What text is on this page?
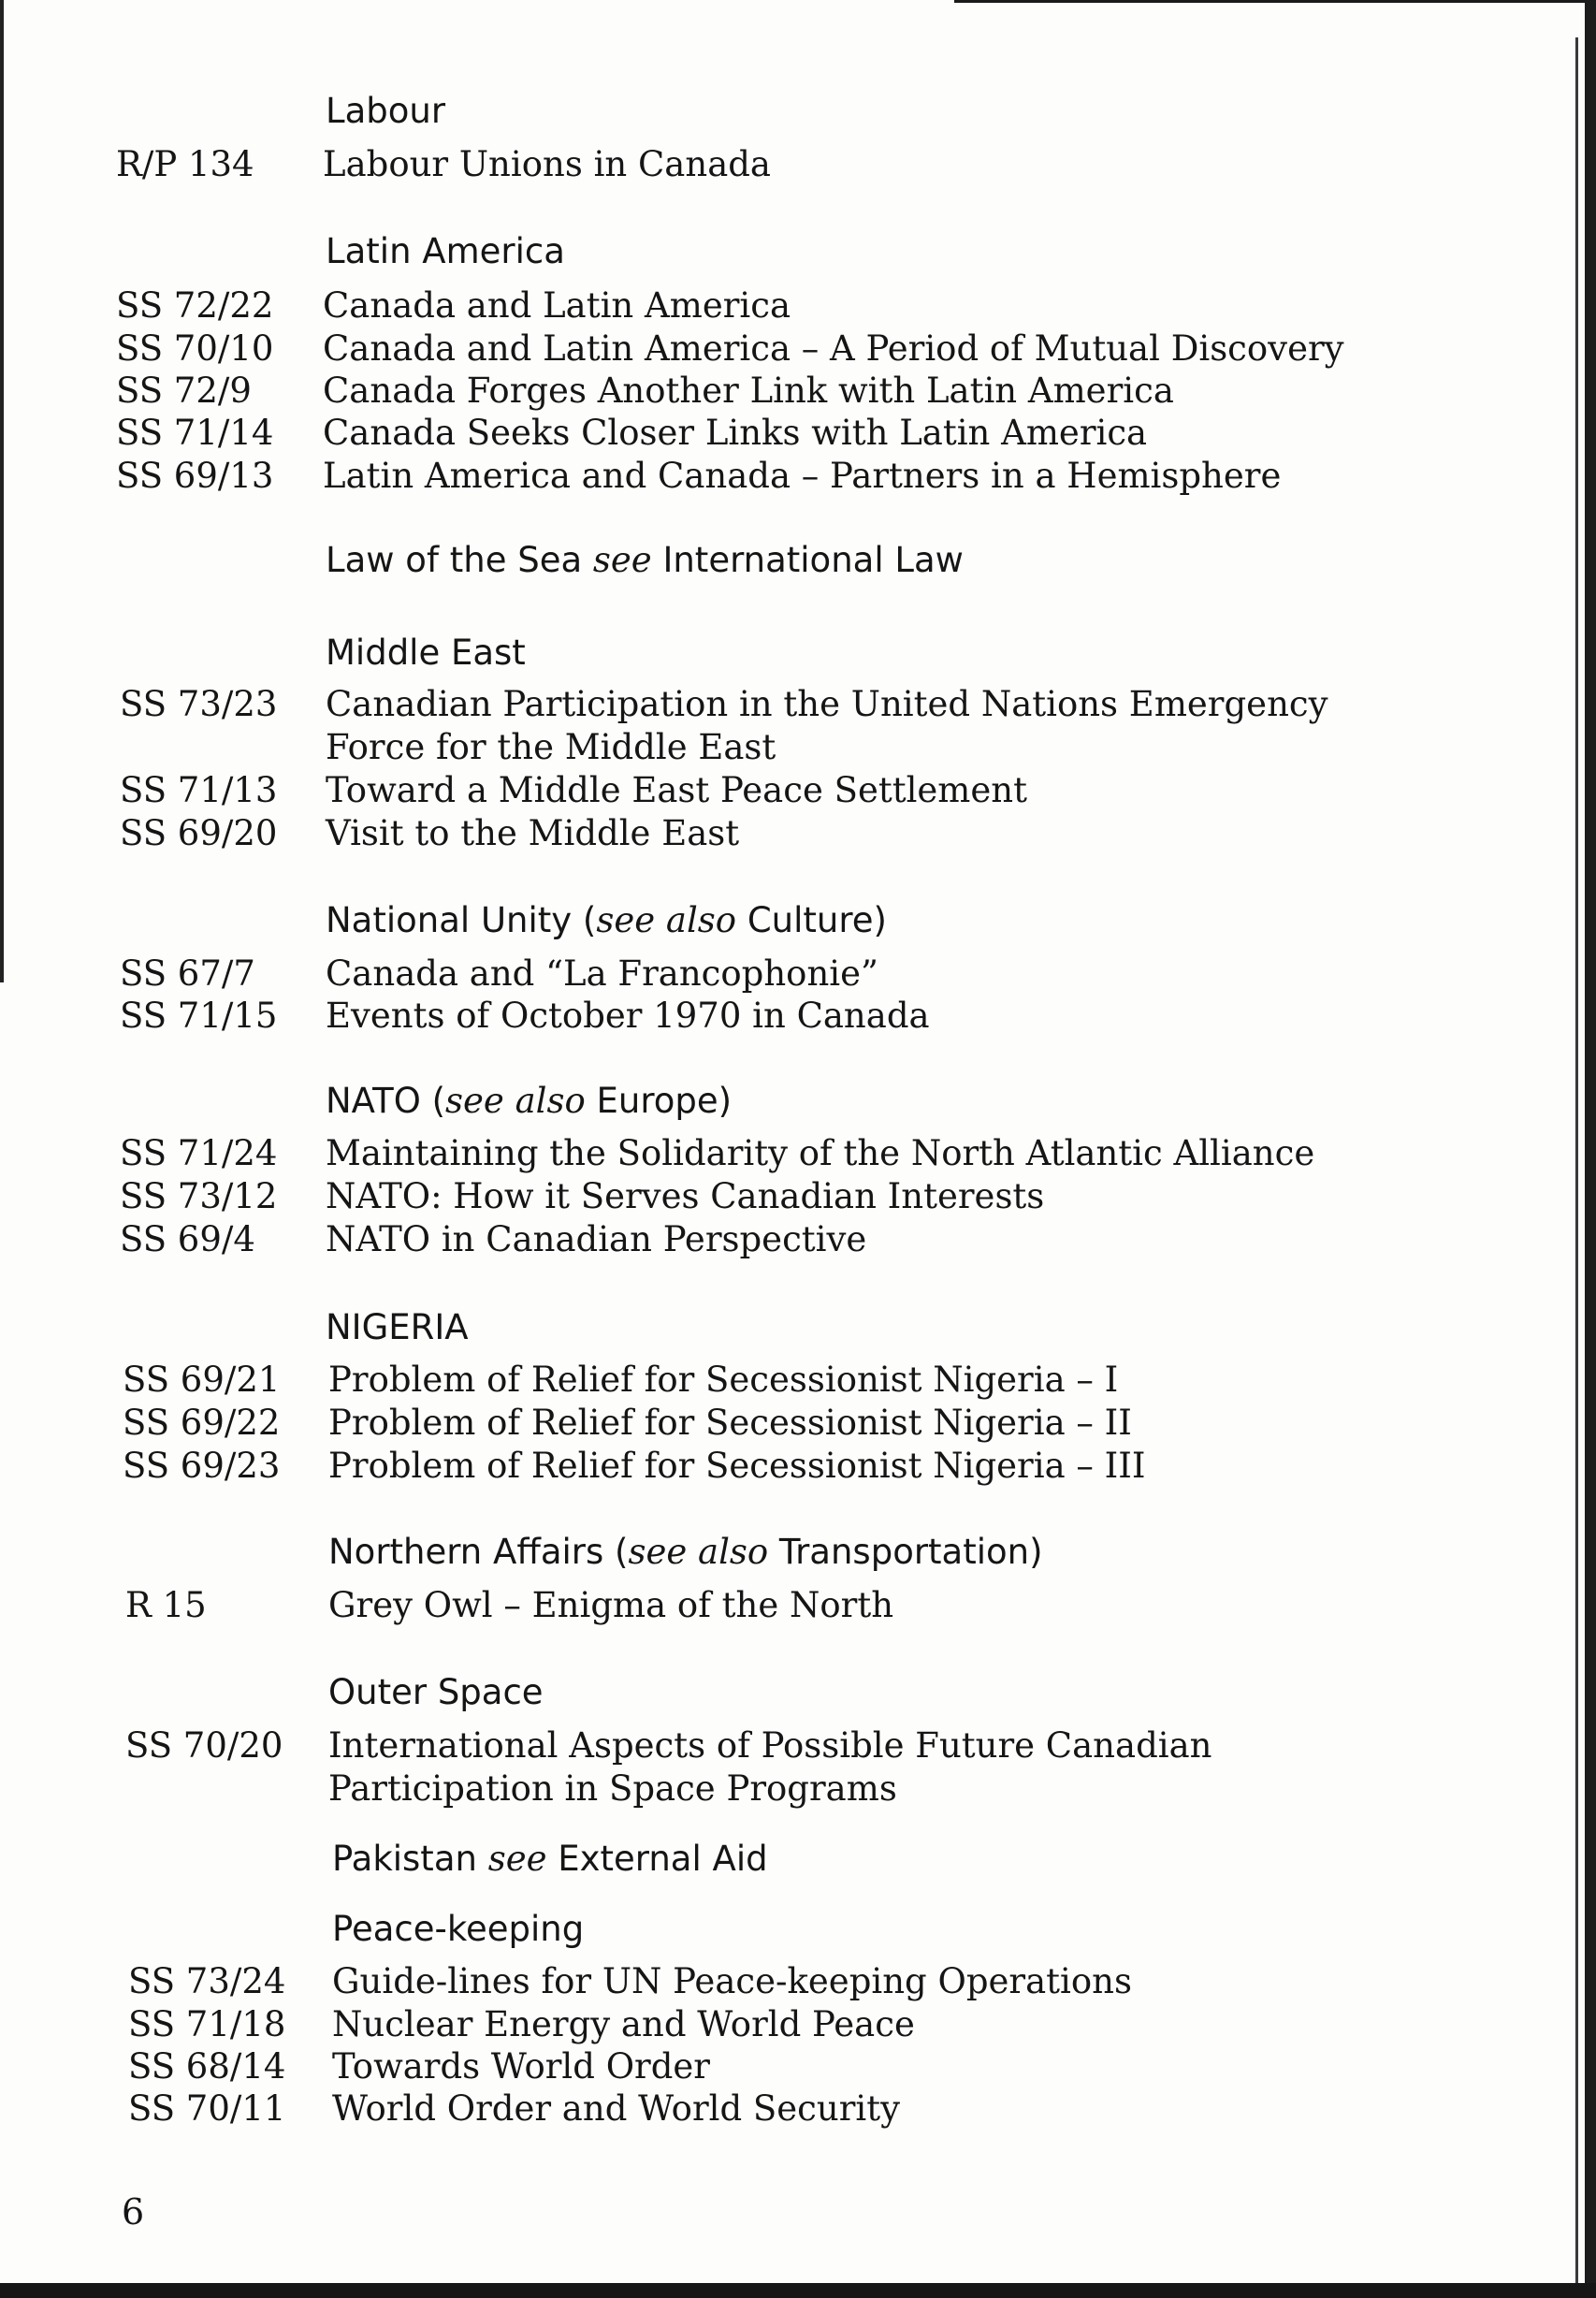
Labour
R/P 134 Labour Unions in Canada
Latin America
SS 72/22 Canada and Latin America
SS 70/10 Canada and Latin America – A Period of Mutual Discovery
SS 72/9 Canada Forges Another Link with Latin America
SS 71/14 Canada Seeks Closer Links with Latin America
SS 69/13 Latin America and Canada – Partners in a Hemisphere
Law of the Sea see International Law
Middle East
SS 73/23 Canadian Participation in the United Nations Emergency
Force for the Middle East
SS 71/13 Toward a Middle East Peace Settlement
SS 69/20 Visit to the Middle East
National Unity (see also Culture)
SS 67/7 Canada and “La Francophonie”
SS 71/15 Events of October 1970 in Canada
NATO (see also Europe)
SS 71/24 Maintaining the Solidarity of the North Atlantic Alliance
SS 73/12 NATO: How it Serves Canadian Interests
SS 69/4 NATO in Canadian Perspective
NIGERIA
SS 69/21 Problem of Relief for Secessionist Nigeria – I
SS 69/22 Problem of Relief for Secessionist Nigeria – II
SS 69/23 Problem of Relief for Secessionist Nigeria – III
Northern Affairs (see also Transportation)
R 15	Grey Owl – Enigma of the North
Outer Space
SS 70/20 International Aspects of Possible Future Canadian
Participation in Space Programs
Pakistan see External Aid
Peace-keeping
SS 73/24 Guide-lines for UN Peace-keeping Operations
SS 71/18 Nuclear Energy and World Peace
SS 68/14 Towards World Order
SS 70/11 World Order and World Security
6
